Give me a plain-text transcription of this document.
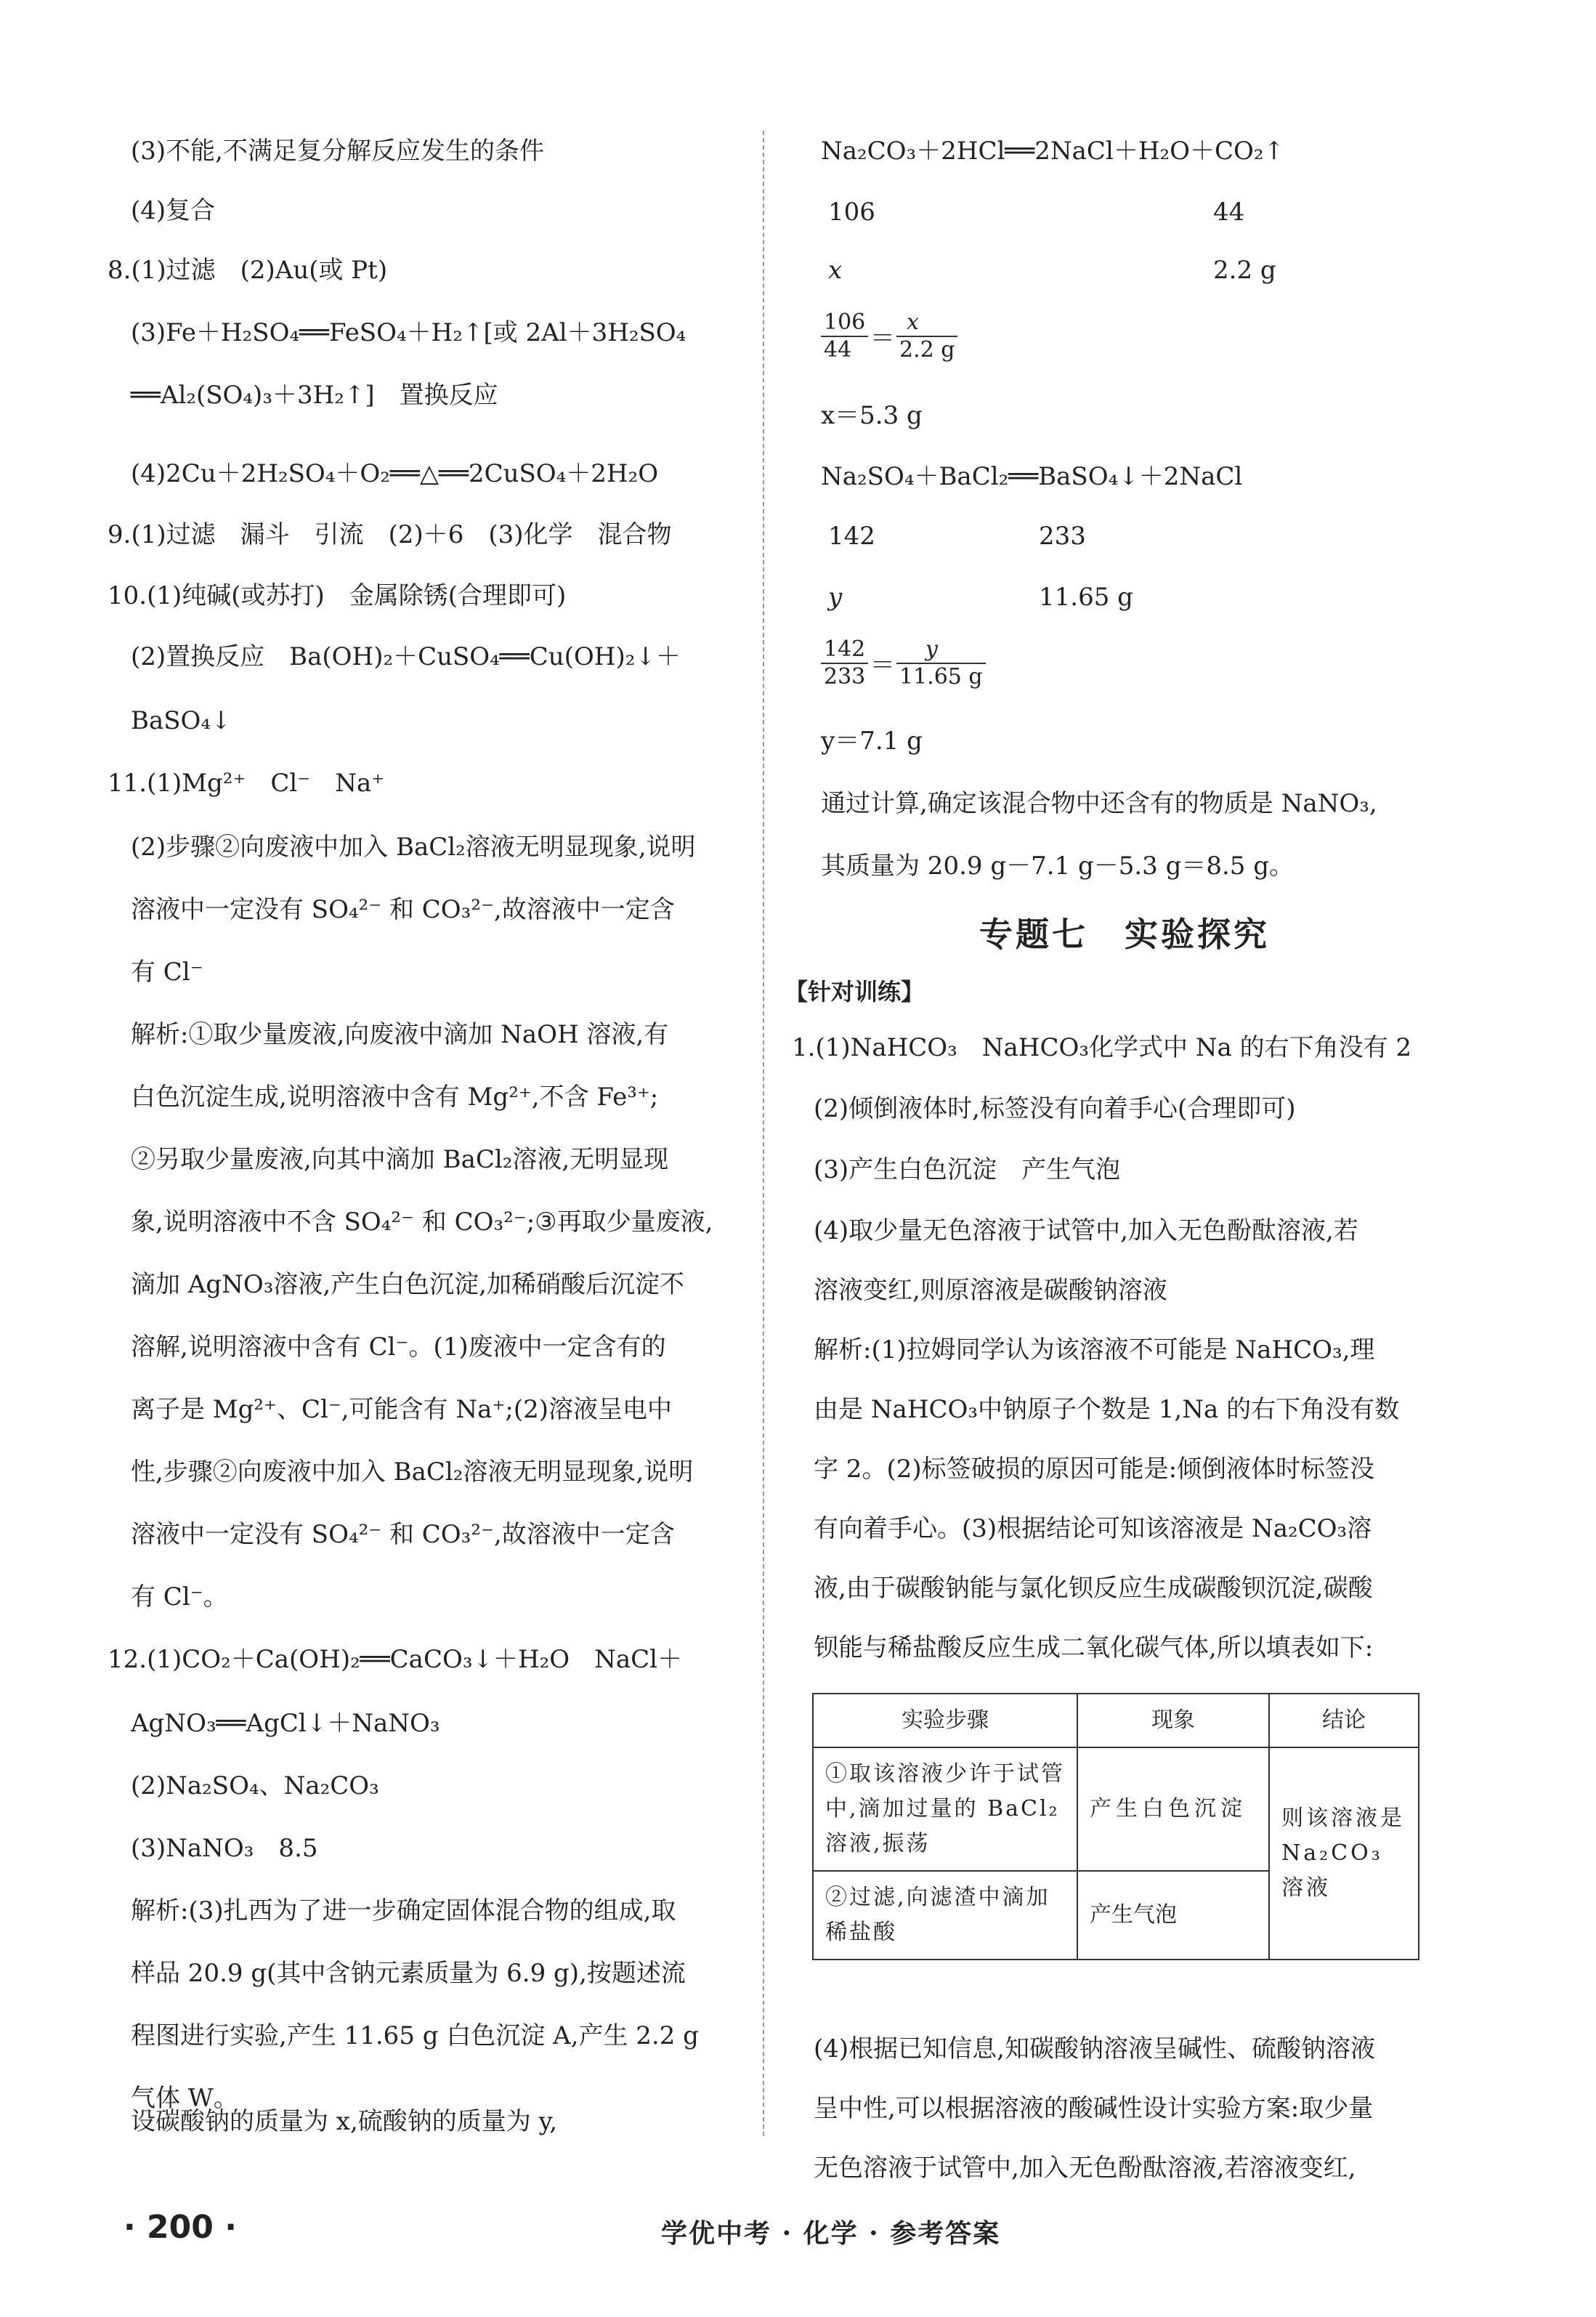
(3)不能,不满足复分解反应发生的条件
(4)复合
8.(1)过滤　(2)Au(或 Pt)
(3)Fe＋H₂SO₄══FeSO₄＋H₂↑[或 2Al＋3H₂SO₄
══Al₂(SO₄)₃＋3H₂↑]　置换反应
(4)2Cu＋2H₂SO₄＋O₂══△══2CuSO₄＋2H₂O
9.(1)过滤　漏斗　引流　(2)＋6　(3)化学　混合物
10.(1)纯碱(或苏打)　金属除锈(合理即可)
(2)置换反应　Ba(OH)₂＋CuSO₄══Cu(OH)₂↓＋
BaSO₄↓
11.(1)Mg²⁺　Cl⁻　Na⁺
(2)步骤②向废液中加入 BaCl₂溶液无明显现象,说明
溶液中一定没有 SO₄²⁻ 和 CO₃²⁻,故溶液中一定含
有 Cl⁻
解析:①取少量废液,向废液中滴加 NaOH 溶液,有
白色沉淀生成,说明溶液中含有 Mg²⁺,不含 Fe³⁺;
②另取少量废液,向其中滴加 BaCl₂溶液,无明显现
象,说明溶液中不含 SO₄²⁻ 和 CO₃²⁻;③再取少量废液,
滴加 AgNO₃溶液,产生白色沉淀,加稀硝酸后沉淀不
溶解,说明溶液中含有 Cl⁻。(1)废液中一定含有的
离子是 Mg²⁺、Cl⁻,可能含有 Na⁺;(2)溶液呈电中
性,步骤②向废液中加入 BaCl₂溶液无明显现象,说明
溶液中一定没有 SO₄²⁻ 和 CO₃²⁻,故溶液中一定含
有 Cl⁻。
12.(1)CO₂＋Ca(OH)₂══CaCO₃↓＋H₂O　NaCl＋
AgNO₃══AgCl↓＋NaNO₃
(2)Na₂SO₄、Na₂CO₃
(3)NaNO₃　8.5
解析:(3)扎西为了进一步确定固体混合物的组成,取
样品 20.9 g(其中含钠元素质量为 6.9 g),按题述流
程图进行实验,产生 11.65 g 白色沉淀 A,产生 2.2 g
气体 W。
设碳酸钠的质量为 x,硫酸钠的质量为 y,
Na₂CO₃＋2HCl══2NaCl＋H₂O＋CO₂↑
106	44
x	2.2 g
$\frac{106}{44} = \frac{x}{2.2 g}$
x＝5.3 g
Na₂SO₄＋BaCl₂══BaSO₄↓＋2NaCl
142	233
y	11.65 g
$\frac{142}{233} = \frac{y}{11.65 g}$
y＝7.1 g
通过计算,确定该混合物中还含有的物质是 NaNO₃,
其质量为 20.9 g－7.1 g－5.3 g＝8.5 g。
专题七　实验探究
【针对训练】
1.(1)NaHCO₃　NaHCO₃化学式中 Na 的右下角没有 2
(2)倾倒液体时,标签没有向着手心(合理即可)
(3)产生白色沉淀　产生气泡
(4)取少量无色溶液于试管中,加入无色酚酞溶液,若
溶液变红,则原溶液是碳酸钠溶液
解析:(1)拉姆同学认为该溶液不可能是 NaHCO₃,理
由是 NaHCO₃中钠原子个数是 1,Na 的右下角没有数
字 2。(2)标签破损的原因可能是:倾倒液体时标签没
有向着手心。(3)根据结论可知该溶液是 Na₂CO₃溶
液,由于碳酸钠能与氯化钡反应生成碳酸钡沉淀,碳酸
钡能与稀盐酸反应生成二氧化碳气体,所以填表如下:
实验步骤	现象	结论
①取该溶液少许于试管中,滴加过量的 BaCl₂溶液,振荡	产生白色沉淀	则该溶液是 Na₂CO₃溶液
②过滤,向滤渣中滴加稀盐酸	产生气泡	
(4)根据已知信息,知碳酸钠溶液呈碱性、硫酸钠溶液
呈中性,可以根据溶液的酸碱性设计实验方案:取少量
无色溶液于试管中,加入无色酚酞溶液,若溶液变红,
· 200 ·	学优中考 · 化学 · 参考答案
